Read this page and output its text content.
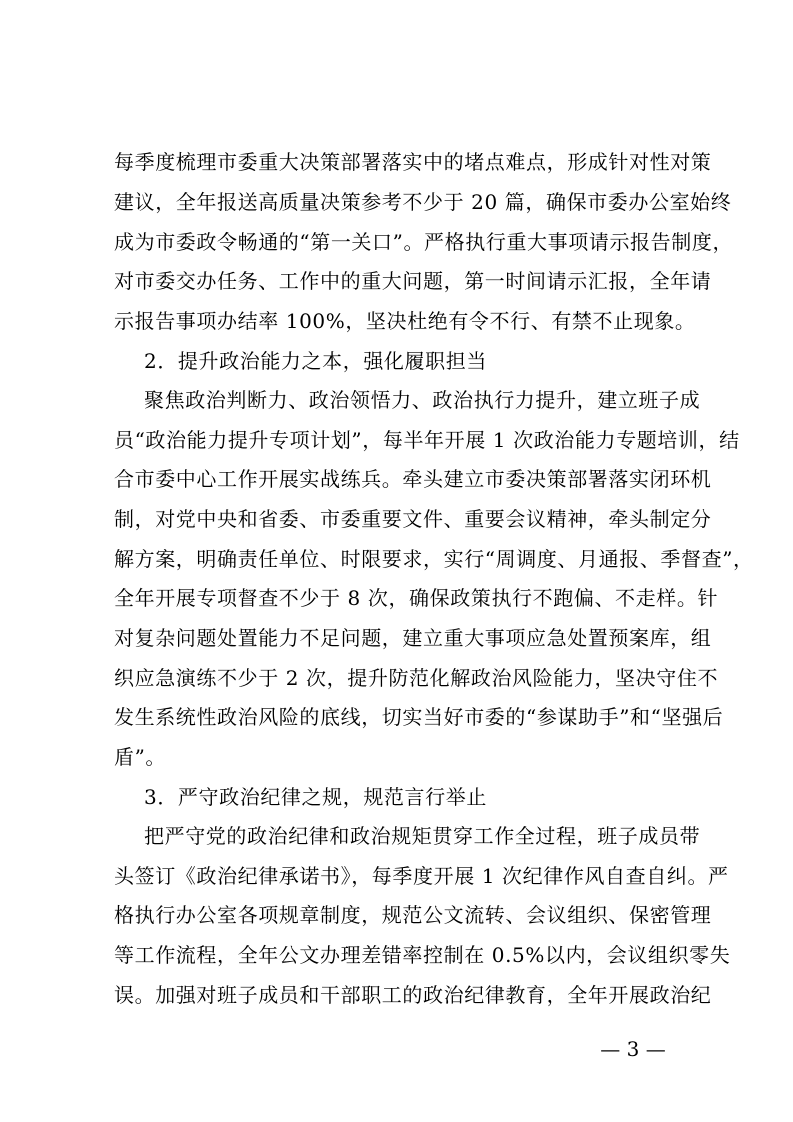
每季度梳理市委重大决策部署落实中的堵点难点，形成针对性对策
建议，全年报送高质量决策参考不少于 20 篇，确保市委办公室始终
成为市委政令畅通的“第一关口”。严格执行重大事项请示报告制度，
对市委交办任务、工作中的重大问题，第一时间请示汇报，全年请
示报告事项办结率 100%，坚决杜绝有令不行、有禁不止现象。
2．提升政治能力之本，强化履职担当
聚焦政治判断力、政治领悟力、政治执行力提升，建立班子成
员“政治能力提升专项计划”，每半年开展 1 次政治能力专题培训，结
合市委中心工作开展实战练兵。牵头建立市委决策部署落实闭环机
制，对党中央和省委、市委重要文件、重要会议精神，牵头制定分
解方案，明确责任单位、时限要求，实行“周调度、月通报、季督查”，
全年开展专项督查不少于 8 次，确保政策执行不跑偏、不走样。针
对复杂问题处置能力不足问题，建立重大事项应急处置预案库，组
织应急演练不少于 2 次，提升防范化解政治风险能力，坚决守住不
发生系统性政治风险的底线，切实当好市委的“参谋助手”和“坚强后
盾”。
3．严守政治纪律之规，规范言行举止
把严守党的政治纪律和政治规矩贯穿工作全过程，班子成员带
头签订《政治纪律承诺书》，每季度开展 1 次纪律作风自查自纠。严
格执行办公室各项规章制度，规范公文流转、会议组织、保密管理
等工作流程，全年公文办理差错率控制在 0.5%以内，会议组织零失
误。加强对班子成员和干部职工的政治纪律教育，全年开展政治纪
— 3 —
